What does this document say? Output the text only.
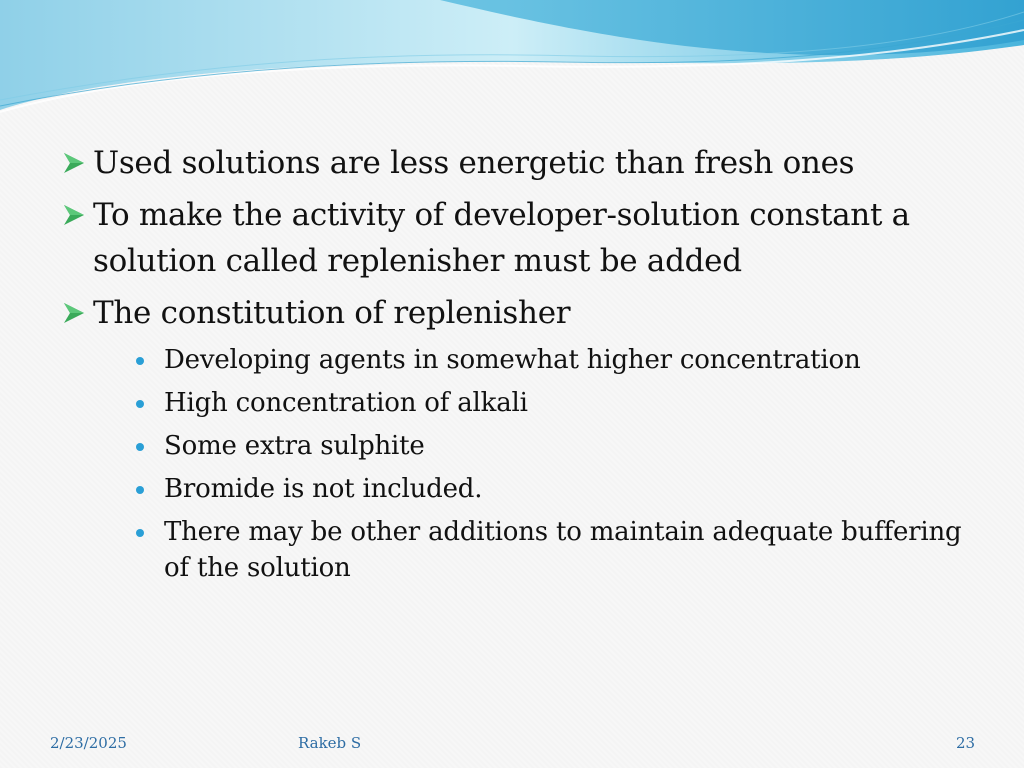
Used solutions are less energetic than fresh ones
To make the activity of developer-solution constant a solution called replenisher must be added
The constitution of replenisher
Developing agents in somewhat higher concentration
High concentration of alkali
Some extra sulphite
Bromide is not included.
There may be other additions to maintain adequate buffering of the solution
2/23/2025	Rakeb S	23
